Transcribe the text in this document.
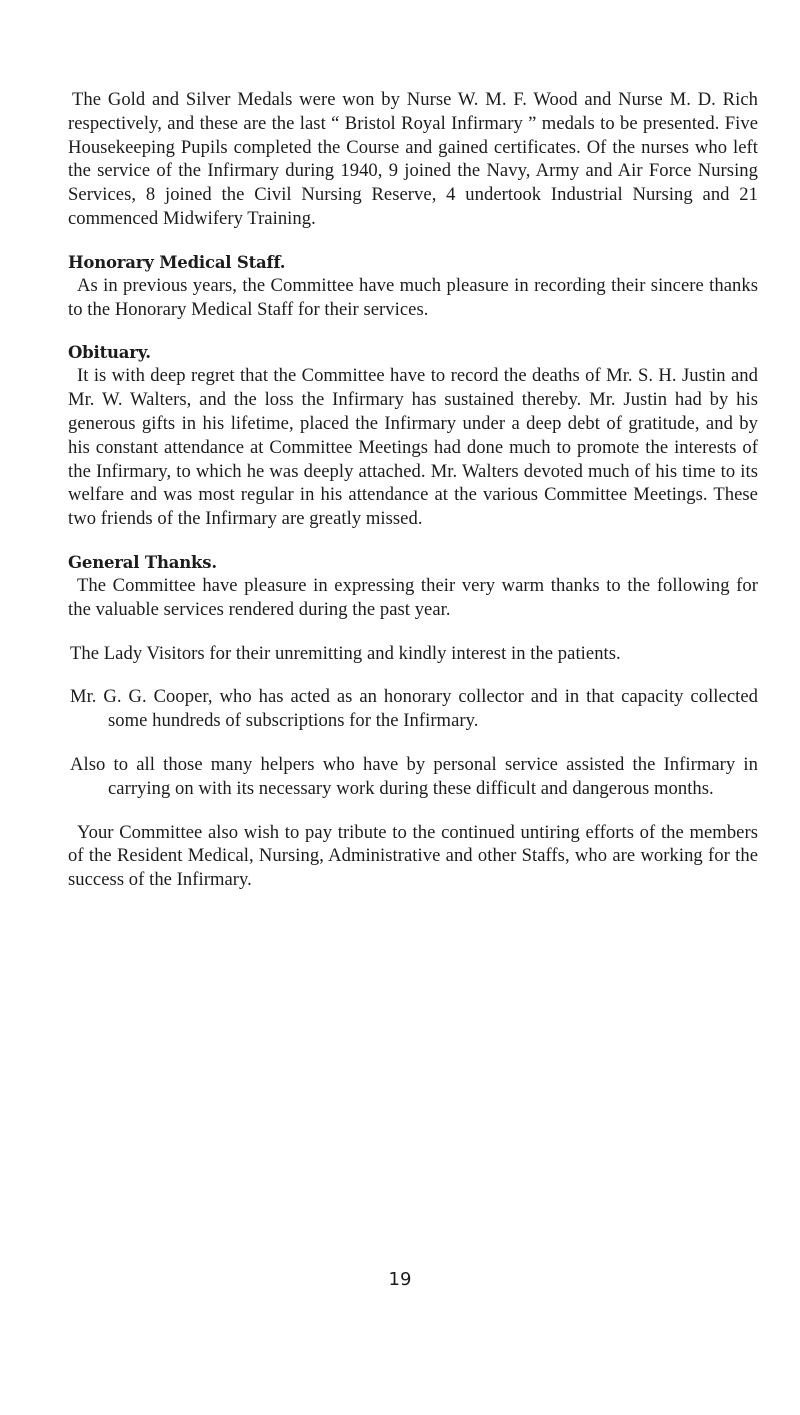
The Gold and Silver Medals were won by Nurse W. M. F. Wood and Nurse M. D. Rich respectively, and these are the last “ Bristol Royal Infirmary ” medals to be presented. Five Housekeeping Pupils completed the Course and gained certificates. Of the nurses who left the service of the Infirmary during 1940, 9 joined the Navy, Army and Air Force Nursing Services, 8 joined the Civil Nursing Reserve, 4 undertook Industrial Nursing and 21 commenced Midwifery Training.

Honorary Medical Staff.

As in previous years, the Committee have much pleasure in recording their sincere thanks to the Honorary Medical Staff for their services.

Obituary.

It is with deep regret that the Committee have to record the deaths of Mr. S. H. Justin and Mr. W. Walters, and the loss the Infirmary has sustained thereby. Mr. Justin had by his generous gifts in his lifetime, placed the Infirmary under a deep debt of gratitude, and by his constant attendance at Committee Meetings had done much to promote the interests of the Infirmary, to which he was deeply attached. Mr. Walters devoted much of his time to its welfare and was most regular in his attendance at the various Committee Meetings. These two friends of the Infirmary are greatly missed.

General Thanks.

The Committee have pleasure in expressing their very warm thanks to the following for the valuable services rendered during the past year.

The Lady Visitors for their unremitting and kindly interest in the patients.

Mr. G. G. Cooper, who has acted as an honorary collector and in that capacity collected some hundreds of subscriptions for the Infirmary.

Also to all those many helpers who have by personal service assisted the Infirmary in carrying on with its necessary work during these difficult and dangerous months.

Your Committee also wish to pay tribute to the continued untiring efforts of the members of the Resident Medical, Nursing, Administrative and other Staffs, who are working for the success of the Infirmary.

19
